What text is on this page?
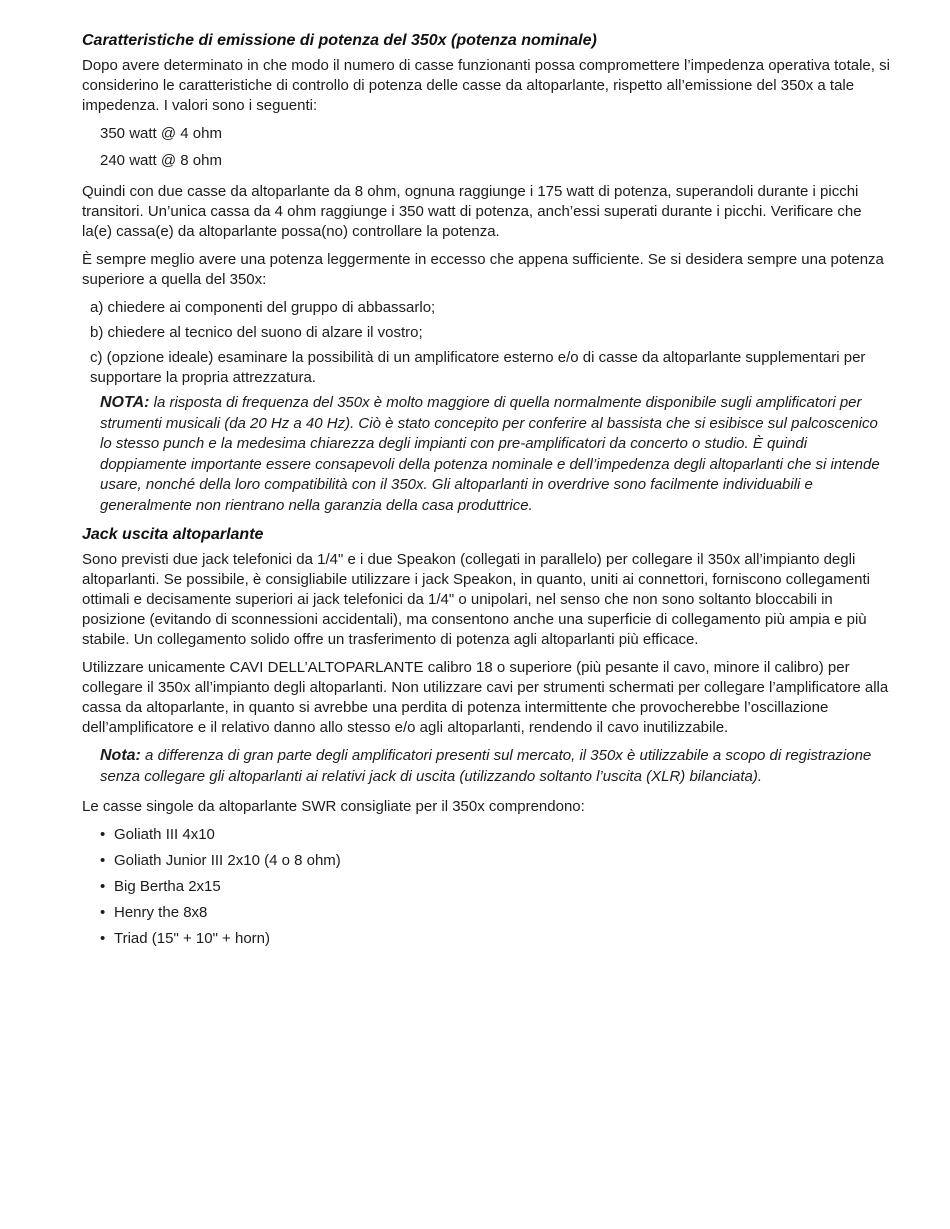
Caratteristiche di emissione di potenza del 350x (potenza nominale)

Dopo avere determinato in che modo il numero di casse funzionanti possa compromettere l’impedenza operativa totale, si considerino le caratteristiche di controllo di potenza delle casse da altoparlante, rispetto all’emissione del 350x a tale impedenza. I valori sono i seguenti:

350 watt @ 4 ohm
240 watt @ 8 ohm

Quindi con due casse da altoparlante da 8 ohm, ognuna raggiunge i 175 watt di potenza, superandoli durante i picchi transitori. Un’unica cassa da 4 ohm raggiunge i 350 watt di potenza, anch’essi superati durante i picchi. Verificare che la(e) cassa(e) da altoparlante possa(no) controllare la potenza.

È sempre meglio avere una potenza leggermente in eccesso che appena sufficiente. Se si desidera sempre una potenza superiore a quella del 350x:

a) chiedere ai componenti del gruppo di abbassarlo;
b) chiedere al tecnico del suono di alzare il vostro;
c) (opzione ideale) esaminare la possibilità di un amplificatore esterno e/o di casse da altoparlante supplementari per supportare la propria attrezzatura.
NOTA: la risposta di frequenza del 350x è molto maggiore di quella normalmente disponibile sugli amplificatori per strumenti musicali (da 20 Hz a 40 Hz). Ciò è stato concepito per conferire al bassista che si esibisce sul palcoscenico lo stesso punch e la medesima chiarezza degli impianti con pre-amplificatori da concerto o studio. È quindi doppiamente importante essere consapevoli della potenza nominale e dell’impedenza degli altoparlanti che si intende usare, nonché della loro compatibilità con il 350x. Gli altoparlanti in overdrive sono facilmente individuabili e generalmente non rientrano nella garanzia della casa produttrice.
Jack uscita altoparlante

Sono previsti due jack telefonici da 1/4" e i due Speakon (collegati in parallelo) per collegare il 350x all’impianto degli altoparlanti. Se possibile, è consigliabile utilizzare i jack Speakon, in quanto, uniti ai connettori, forniscono collegamenti ottimali e decisamente superiori ai jack telefonici da 1/4" o unipolari, nel senso che non sono soltanto bloccabili in posizione (evitando di sconnessioni accidentali), ma consentono anche una superficie di collegamento più ampia e più stabile. Un collegamento solido offre un trasferimento di potenza agli altoparlanti più efficace.

Utilizzare unicamente CAVI DELL’ALTOPARLANTE calibro 18 o superiore (più pesante il cavo, minore il calibro) per collegare il 350x all’impianto degli altoparlanti. Non utilizzare cavi per strumenti schermati per collegare l’amplificatore alla cassa da altoparlante, in quanto si avrebbe una perdita di potenza intermittente che provocherebbe l’oscillazione dell’amplificatore e il relativo danno allo stesso e/o agli altoparlanti, rendendo il cavo inutilizzabile.

Nota: a differenza di gran parte degli amplificatori presenti sul mercato, il 350x è utilizzabile a scopo di registrazione senza collegare gli altoparlanti ai relativi jack di uscita (utilizzando soltanto l’uscita (XLR) bilanciata).

Le casse singole da altoparlante SWR consigliate per il 350x comprendono:

• Goliath III 4x10
• Goliath Junior III 2x10 (4 o 8 ohm)
• Big Bertha 2x15
• Henry the 8x8
• Triad (15" + 10" + horn)
